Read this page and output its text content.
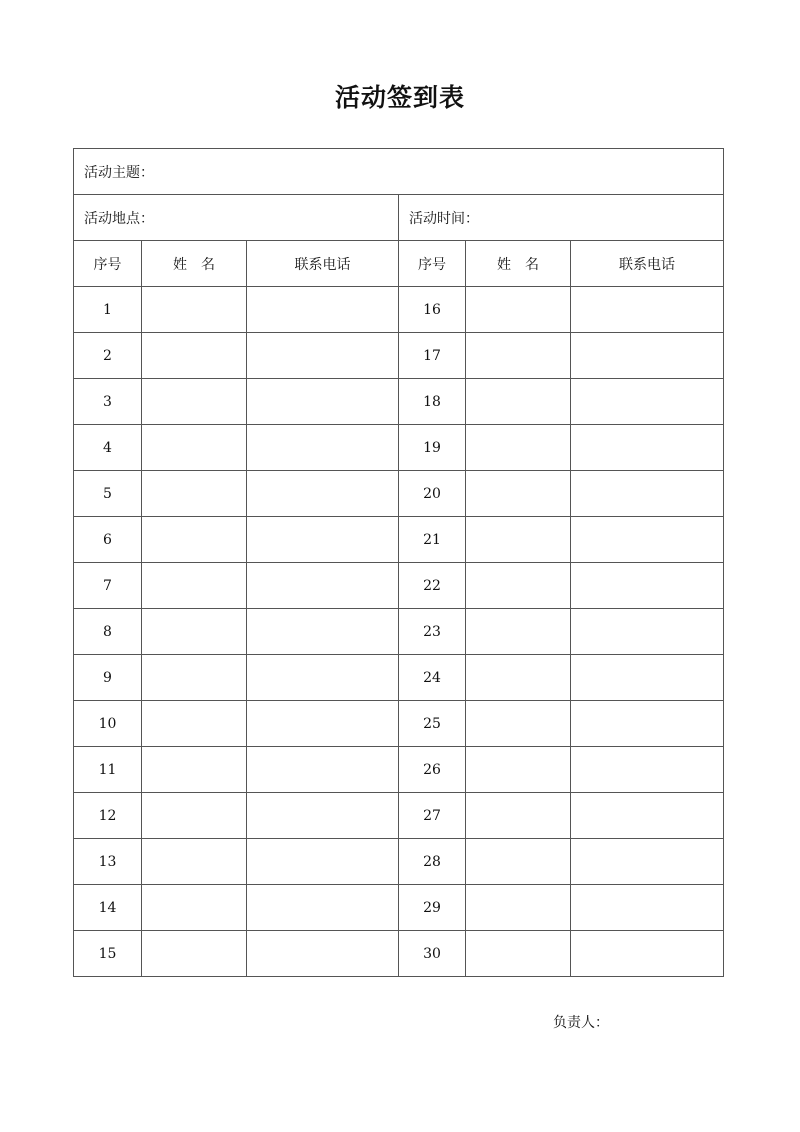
活动签到表
活动主题：					
活动地点：			活动时间：		
序号	姓　名	联系电话	序号	姓　名	联系电话
1			16		
2			17		
3			18		
4			19		
5			20		
6			21		
7			22		
8			23		
9			24		
10			25		
11			26		
12			27		
13			28		
14			29		
15			30		
负责人：
